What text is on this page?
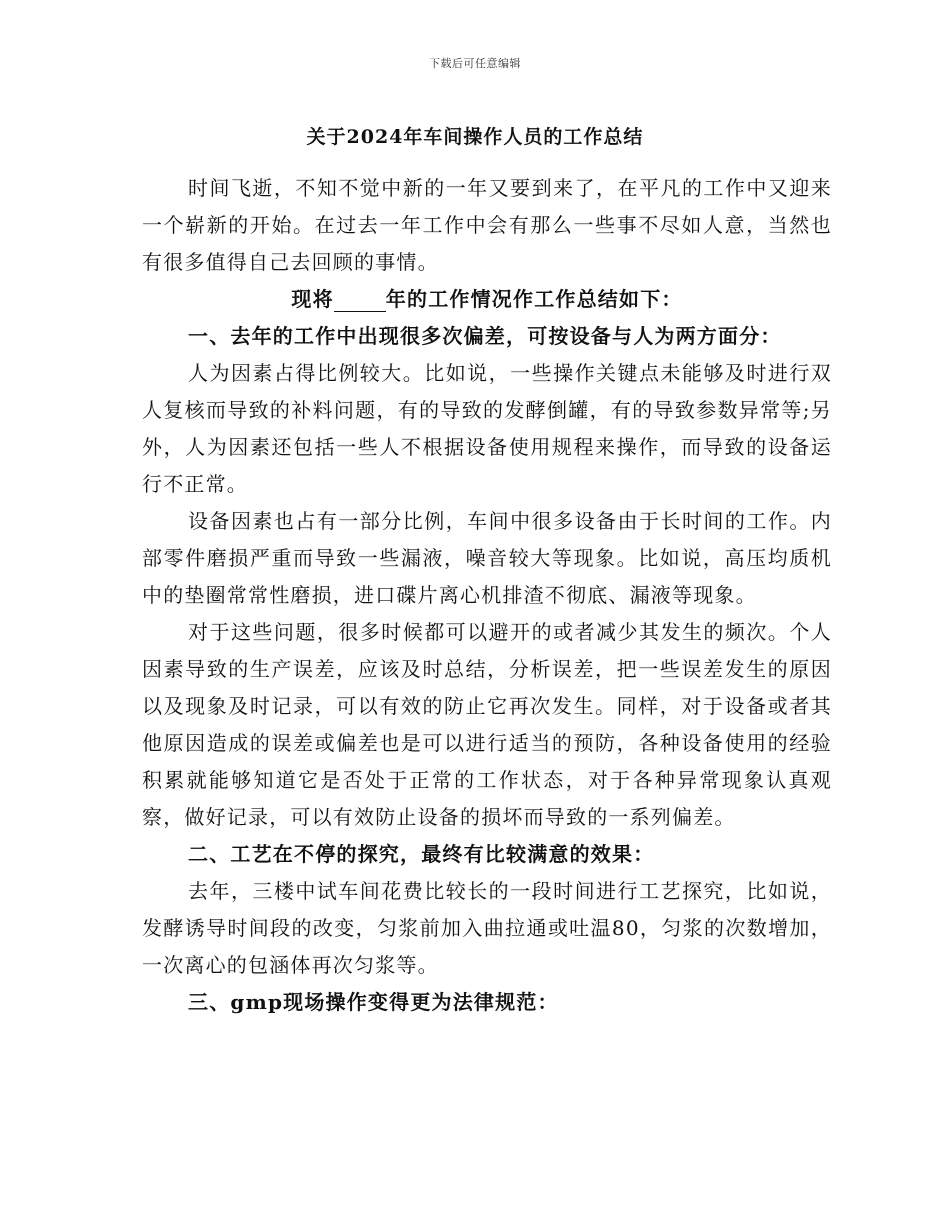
下载后可任意编辑
关于2024年车间操作人员的工作总结

时间飞逝，不知不觉中新的一年又要到来了，在平凡的工作中又迎来一个崭新的开始。在过去一年工作中会有那么一些事不尽如人意，当然也有很多值得自己去回顾的事情。

现将	年的工作情况作工作总结如下：

一、去年的工作中出现很多次偏差，可按设备与人为两方面分：

人为因素占得比例较大。比如说，一些操作关键点未能够及时进行双人复核而导致的补料问题，有的导致的发酵倒罐，有的导致参数异常等;另外，人为因素还包括一些人不根据设备使用规程来操作，而导致的设备运行不正常。

设备因素也占有一部分比例，车间中很多设备由于长时间的工作。内部零件磨损严重而导致一些漏液，噪音较大等现象。比如说，高压均质机中的垫圈常常性磨损，进口碟片离心机排渣不彻底、漏液等现象。

对于这些问题，很多时候都可以避开的或者减少其发生的频次。个人因素导致的生产误差，应该及时总结，分析误差，把一些误差发生的原因以及现象及时记录，可以有效的防止它再次发生。同样，对于设备或者其他原因造成的误差或偏差也是可以进行适当的预防，各种设备使用的经验积累就能够知道它是否处于正常的工作状态，对于各种异常现象认真观察，做好记录，可以有效防止设备的损坏而导致的一系列偏差。

二、工艺在不停的探究，最终有比较满意的效果：

去年，三楼中试车间花费比较长的一段时间进行工艺探究，比如说，发酵诱导时间段的改变，匀浆前加入曲拉通或吐温80，匀浆的次数增加，一次离心的包涵体再次匀浆等。

三、gmp现场操作变得更为法律规范：
